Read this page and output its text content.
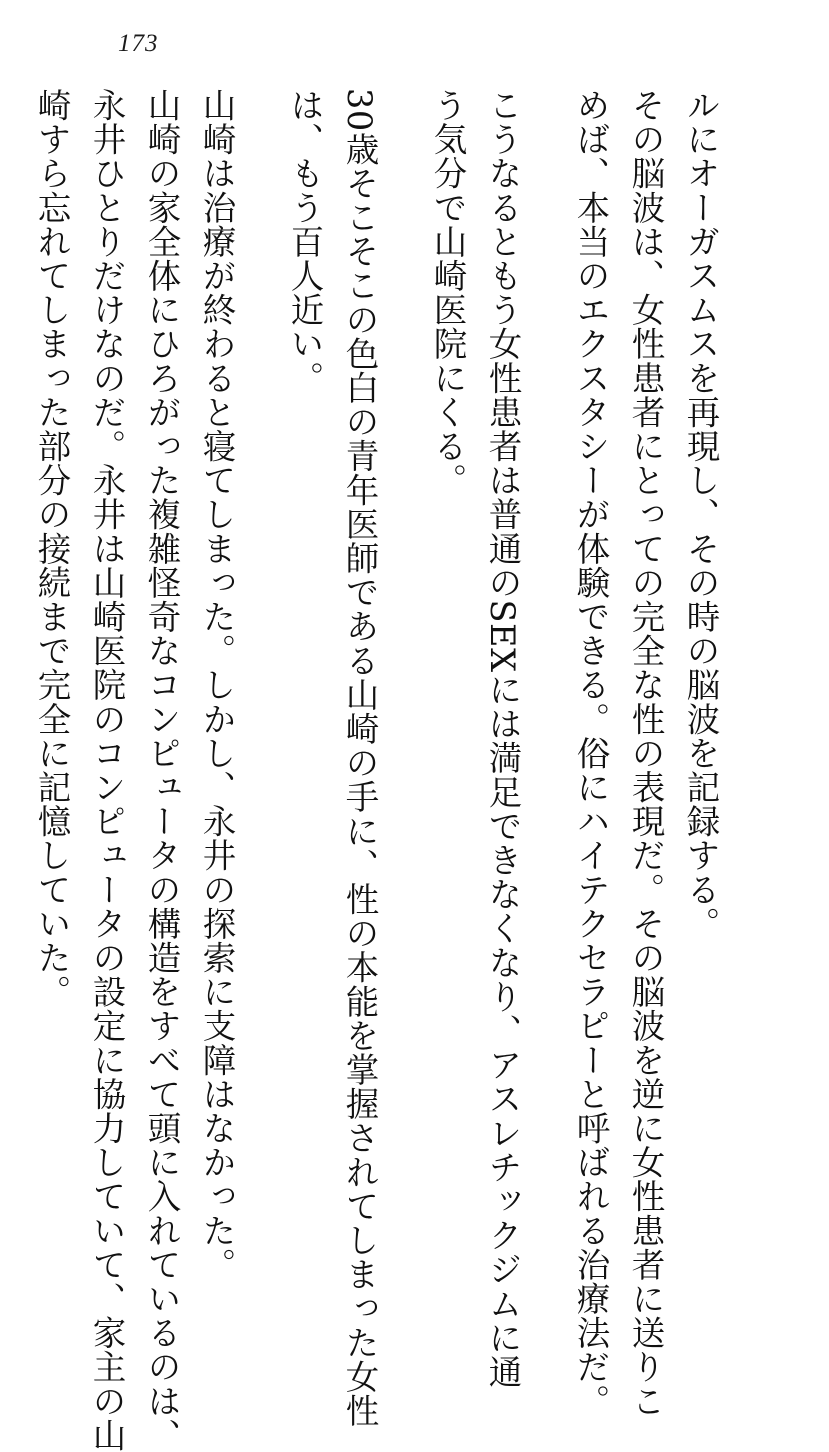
173
ルにオーガスムスを再現し、その時の脳波を記録する。
その脳波は、女性患者にとっての完全な性の表現だ。その脳波を逆に女性患者に送りこ
めば、本当のエクスタシーが体験できる。俗にハイテクセラピーと呼ばれる治療法だ。
こうなるともう女性患者は普通のSEXには満足できなくなり、アスレチックジムに通
う気分で山崎医院にくる。
30歳そこそこの色白の青年医師である山崎の手に、性の本能を掌握されてしまった女性
は、もう百人近い。
山崎は治療が終わると寝てしまった。しかし、永井の探索に支障はなかった。
山崎の家全体にひろがった複雑怪奇なコンピュータの構造をすべて頭に入れているのは、
永井ひとりだけなのだ。永井は山崎医院のコンピュータの設定に協力していて、家主の山
崎すら忘れてしまった部分の接続まで完全に記憶していた。
